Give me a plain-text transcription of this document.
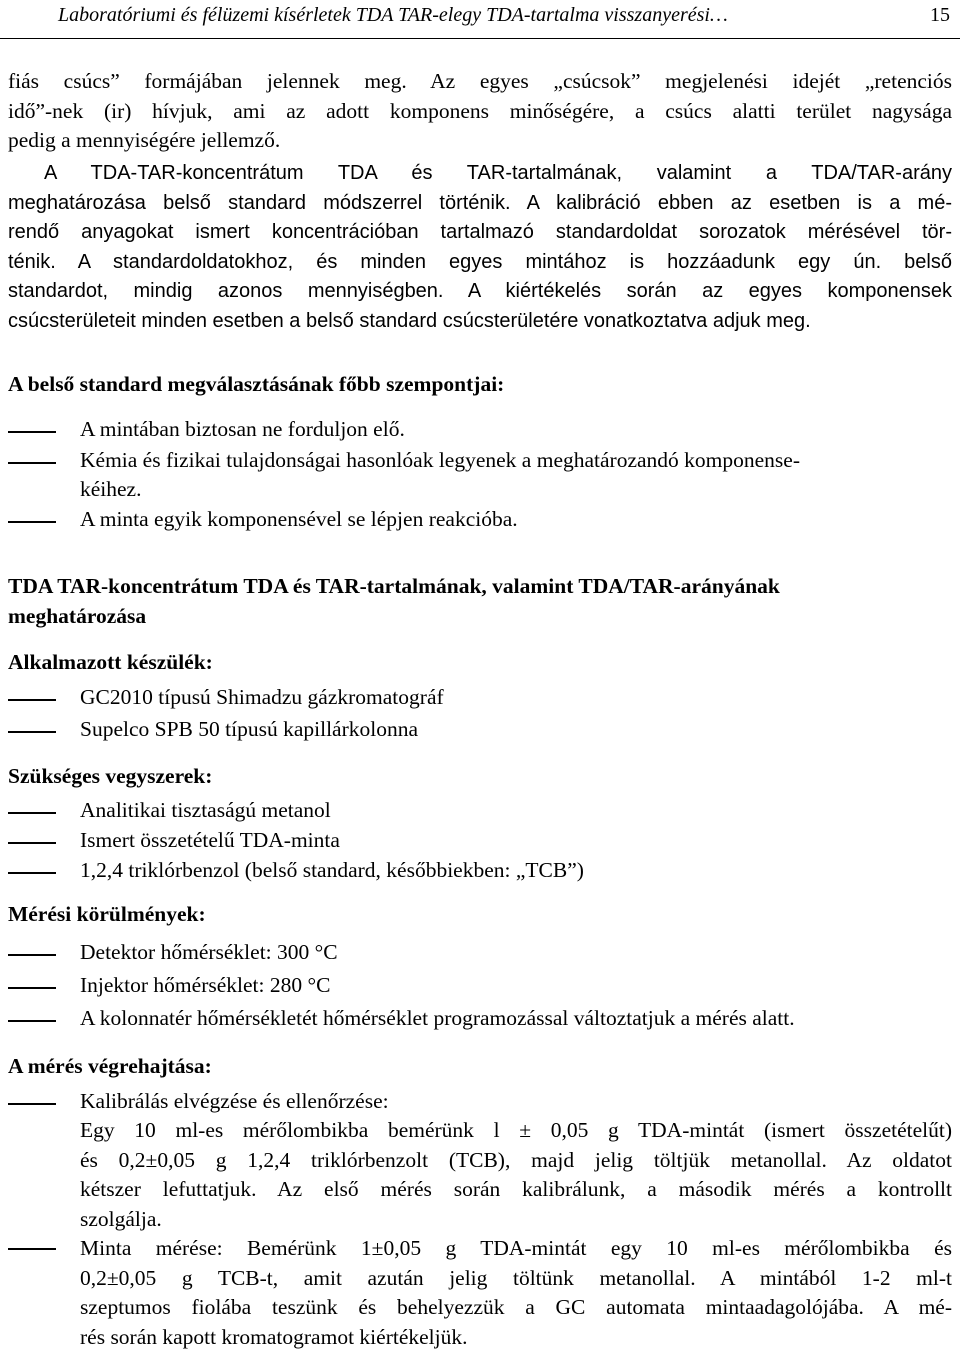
Laboratóriumi és félüzemi kísérletek TDA TAR-elegy TDA-tartalma visszanyerési…	15
fiás csúcs” formájában jelennek meg. Az egyes „csúcsok” megjelenési idejét „retenciós
idő”-nek (ir) hívjuk, ami az adott komponens minőségére, a csúcs alatti terület nagysága
pedig a mennyiségére jellemző.
A TDA-TAR-koncentrátum TDA és TAR-tartalmának, valamint a TDA/TAR-arány
meghatározása belső standard módszerrel történik. A kalibráció ebben az esetben is a mé-
rendő anyagokat ismert koncentrációban tartalmazó standardoldat sorozatok mérésével tör-
ténik. A standardoldatokhoz, és minden egyes mintához is hozzáadunk egy ún. belső
standardot, mindig azonos mennyiségben. A kiértékelés során az egyes komponensek
csúcsterületeit minden esetben a belső standard csúcsterületére vonatkoztatva adjuk meg.
A belső standard megválasztásának főbb szempontjai:
A mintában biztosan ne forduljon elő.
Kémia és fizikai tulajdonságai hasonlóak legyenek a meghatározandó komponense-
kéihez.
A minta egyik komponensével se lépjen reakcióba.
TDA TAR-koncentrátum TDA és TAR-tartalmának, valamint TDA/TAR-arányának
meghatározása
Alkalmazott készülék:
GC2010 típusú Shimadzu gázkromatográf
Supelco SPB 50 típusú kapillárkolonna
Szükséges vegyszerek:
Analitikai tisztaságú metanol
Ismert összetételű TDA-minta
1,2,4 triklórbenzol (belső standard, későbbiekben: „TCB”)
Mérési körülmények:
Detektor hőmérséklet: 300 °C
Injektor hőmérséklet: 280 °C
A kolonnatér hőmérsékletét hőmérséklet programozással változtatjuk a mérés alatt.
A mérés végrehajtása:
Kalibrálás elvégzése és ellenőrzése:
Egy 10 ml-es mérőlombikba bemérünk l ± 0,05 g TDA-mintát (ismert összetételűt)
és 0,2±0,05 g 1,2,4 triklórbenzolt (TCB), majd jelig töltjük metanollal. Az oldatot
kétszer lefuttatjuk. Az első mérés során kalibrálunk, a második mérés a kontrollt
szolgálja.
Minta mérése: Bemérünk 1±0,05 g TDA-mintát egy 10 ml-es mérőlombikba és
0,2±0,05 g TCB-t, amit azután jelig töltünk metanollal. A mintából 1-2 ml-t
szeptumos fiolába teszünk és behelyezzük a GC automata mintaadagolójába. A mé-
rés során kapott kromatogramot kiértékeljük.
